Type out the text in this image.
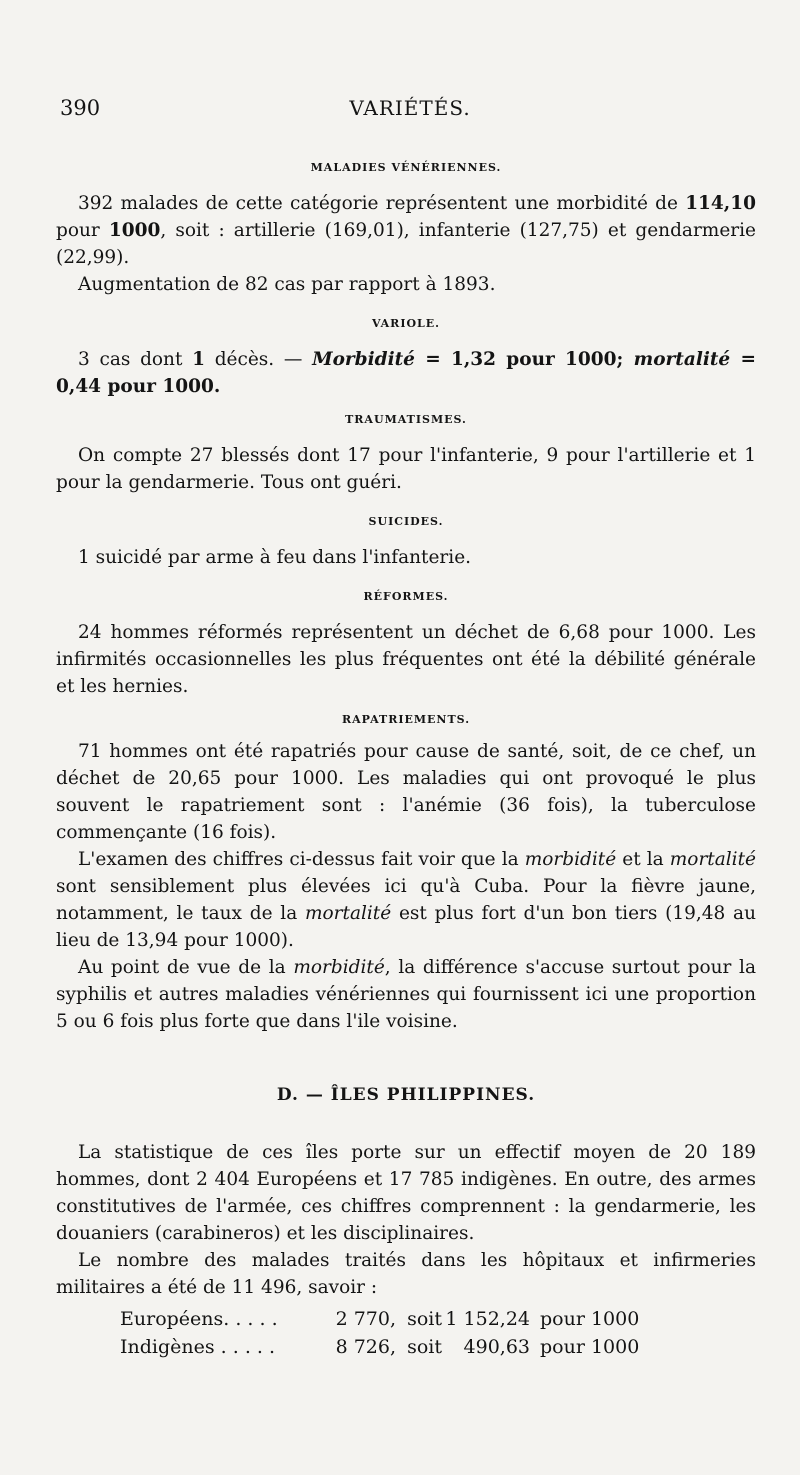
390	VARIÉTÉS.
MALADIES VÉNÉRIENNES.

392 malades de cette catégorie représentent une morbidité de 114,10 pour 1000, soit : artillerie (169,01), infanterie (127,75) et gendarmerie (22,99).

Augmentation de 82 cas par rapport à 1893.

VARIOLE.

3 cas dont 1 décès. — Morbidité = 1,32 pour 1000; mortalité = 0,44 pour 1000.

TRAUMATISMES.

On compte 27 blessés dont 17 pour l'infanterie, 9 pour l'artillerie et 1 pour la gendarmerie. Tous ont guéri.

SUICIDES.

1 suicidé par arme à feu dans l'infanterie.

RÉFORMES.

24 hommes réformés représentent un déchet de 6,68 pour 1000. Les infirmités occasionnelles les plus fréquentes ont été la débilité générale et les hernies.

RAPATRIEMENTS.

71 hommes ont été rapatriés pour cause de santé, soit, de ce chef, un déchet de 20,65 pour 1000. Les maladies qui ont provoqué le plus souvent le rapatriement sont : l'anémie (36 fois), la tuberculose commençante (16 fois).

L'examen des chiffres ci-dessus fait voir que la morbidité et la mortalité sont sensiblement plus élevées ici qu'à Cuba. Pour la fièvre jaune, notamment, le taux de la mortalité est plus fort d'un bon tiers (19,48 au lieu de 13,94 pour 1000).

Au point de vue de la morbidité, la différence s'accuse surtout pour la syphilis et autres maladies vénériennes qui fournissent ici une proportion 5 ou 6 fois plus forte que dans l'ile voisine.

D. — ÎLES PHILIPPINES.

La statistique de ces îles porte sur un effectif moyen de 20 189 hommes, dont 2 404 Européens et 17 785 indigènes. En outre, des armes constitutives de l'armée, ces chiffres comprennent : la gendarmerie, les douaniers (carabineros) et les disciplinaires.

Le nombre des malades traités dans les hôpitaux et infirmeries militaires a été de 11 496, savoir :

Européens. . . . .	2 770, soit 1 152,24 pour 1000
Indigènes . . . . .	8 726, soit	490,63 pour 1000
